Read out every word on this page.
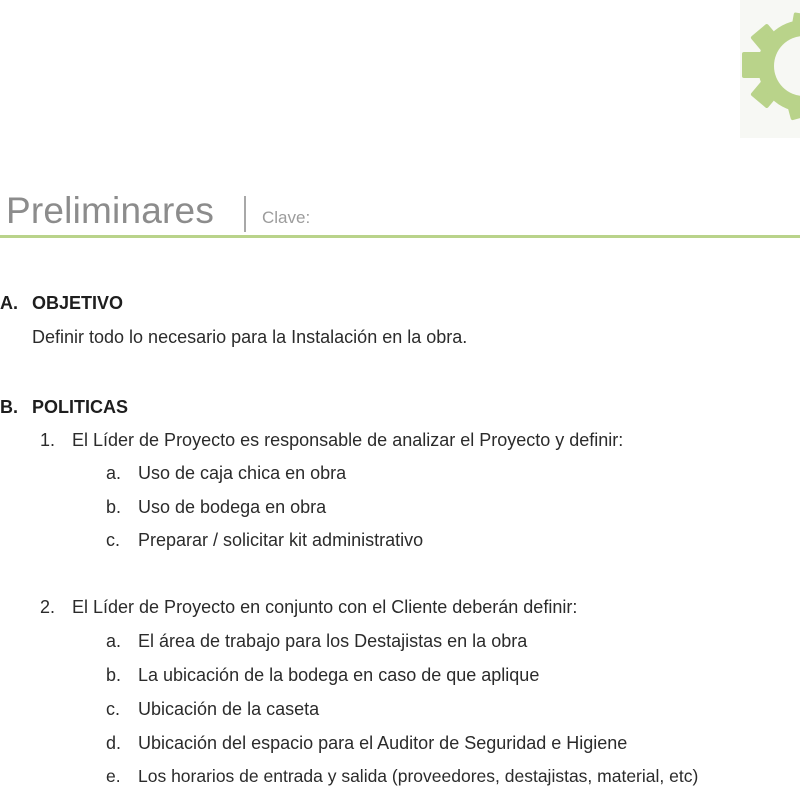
Preliminares	Clave:
A. OBJETIVO
Definir todo lo necesario para la Instalación en la obra.
B. POLITICAS
1. El Líder de Proyecto es responsable de analizar el Proyecto y definir:
a. Uso de caja chica en obra
b. Uso de bodega en obra
c. Preparar / solicitar kit administrativo
2. El Líder de Proyecto en conjunto con el Cliente deberán definir:
a. El área de trabajo para los Destajistas en la obra
b. La ubicación de la bodega en caso de que aplique
c. Ubicación de la caseta
d. Ubicación del espacio para el Auditor de Seguridad e Higiene
e. Los horarios de entrada y salida (proveedores, destajistas, material, etc)
